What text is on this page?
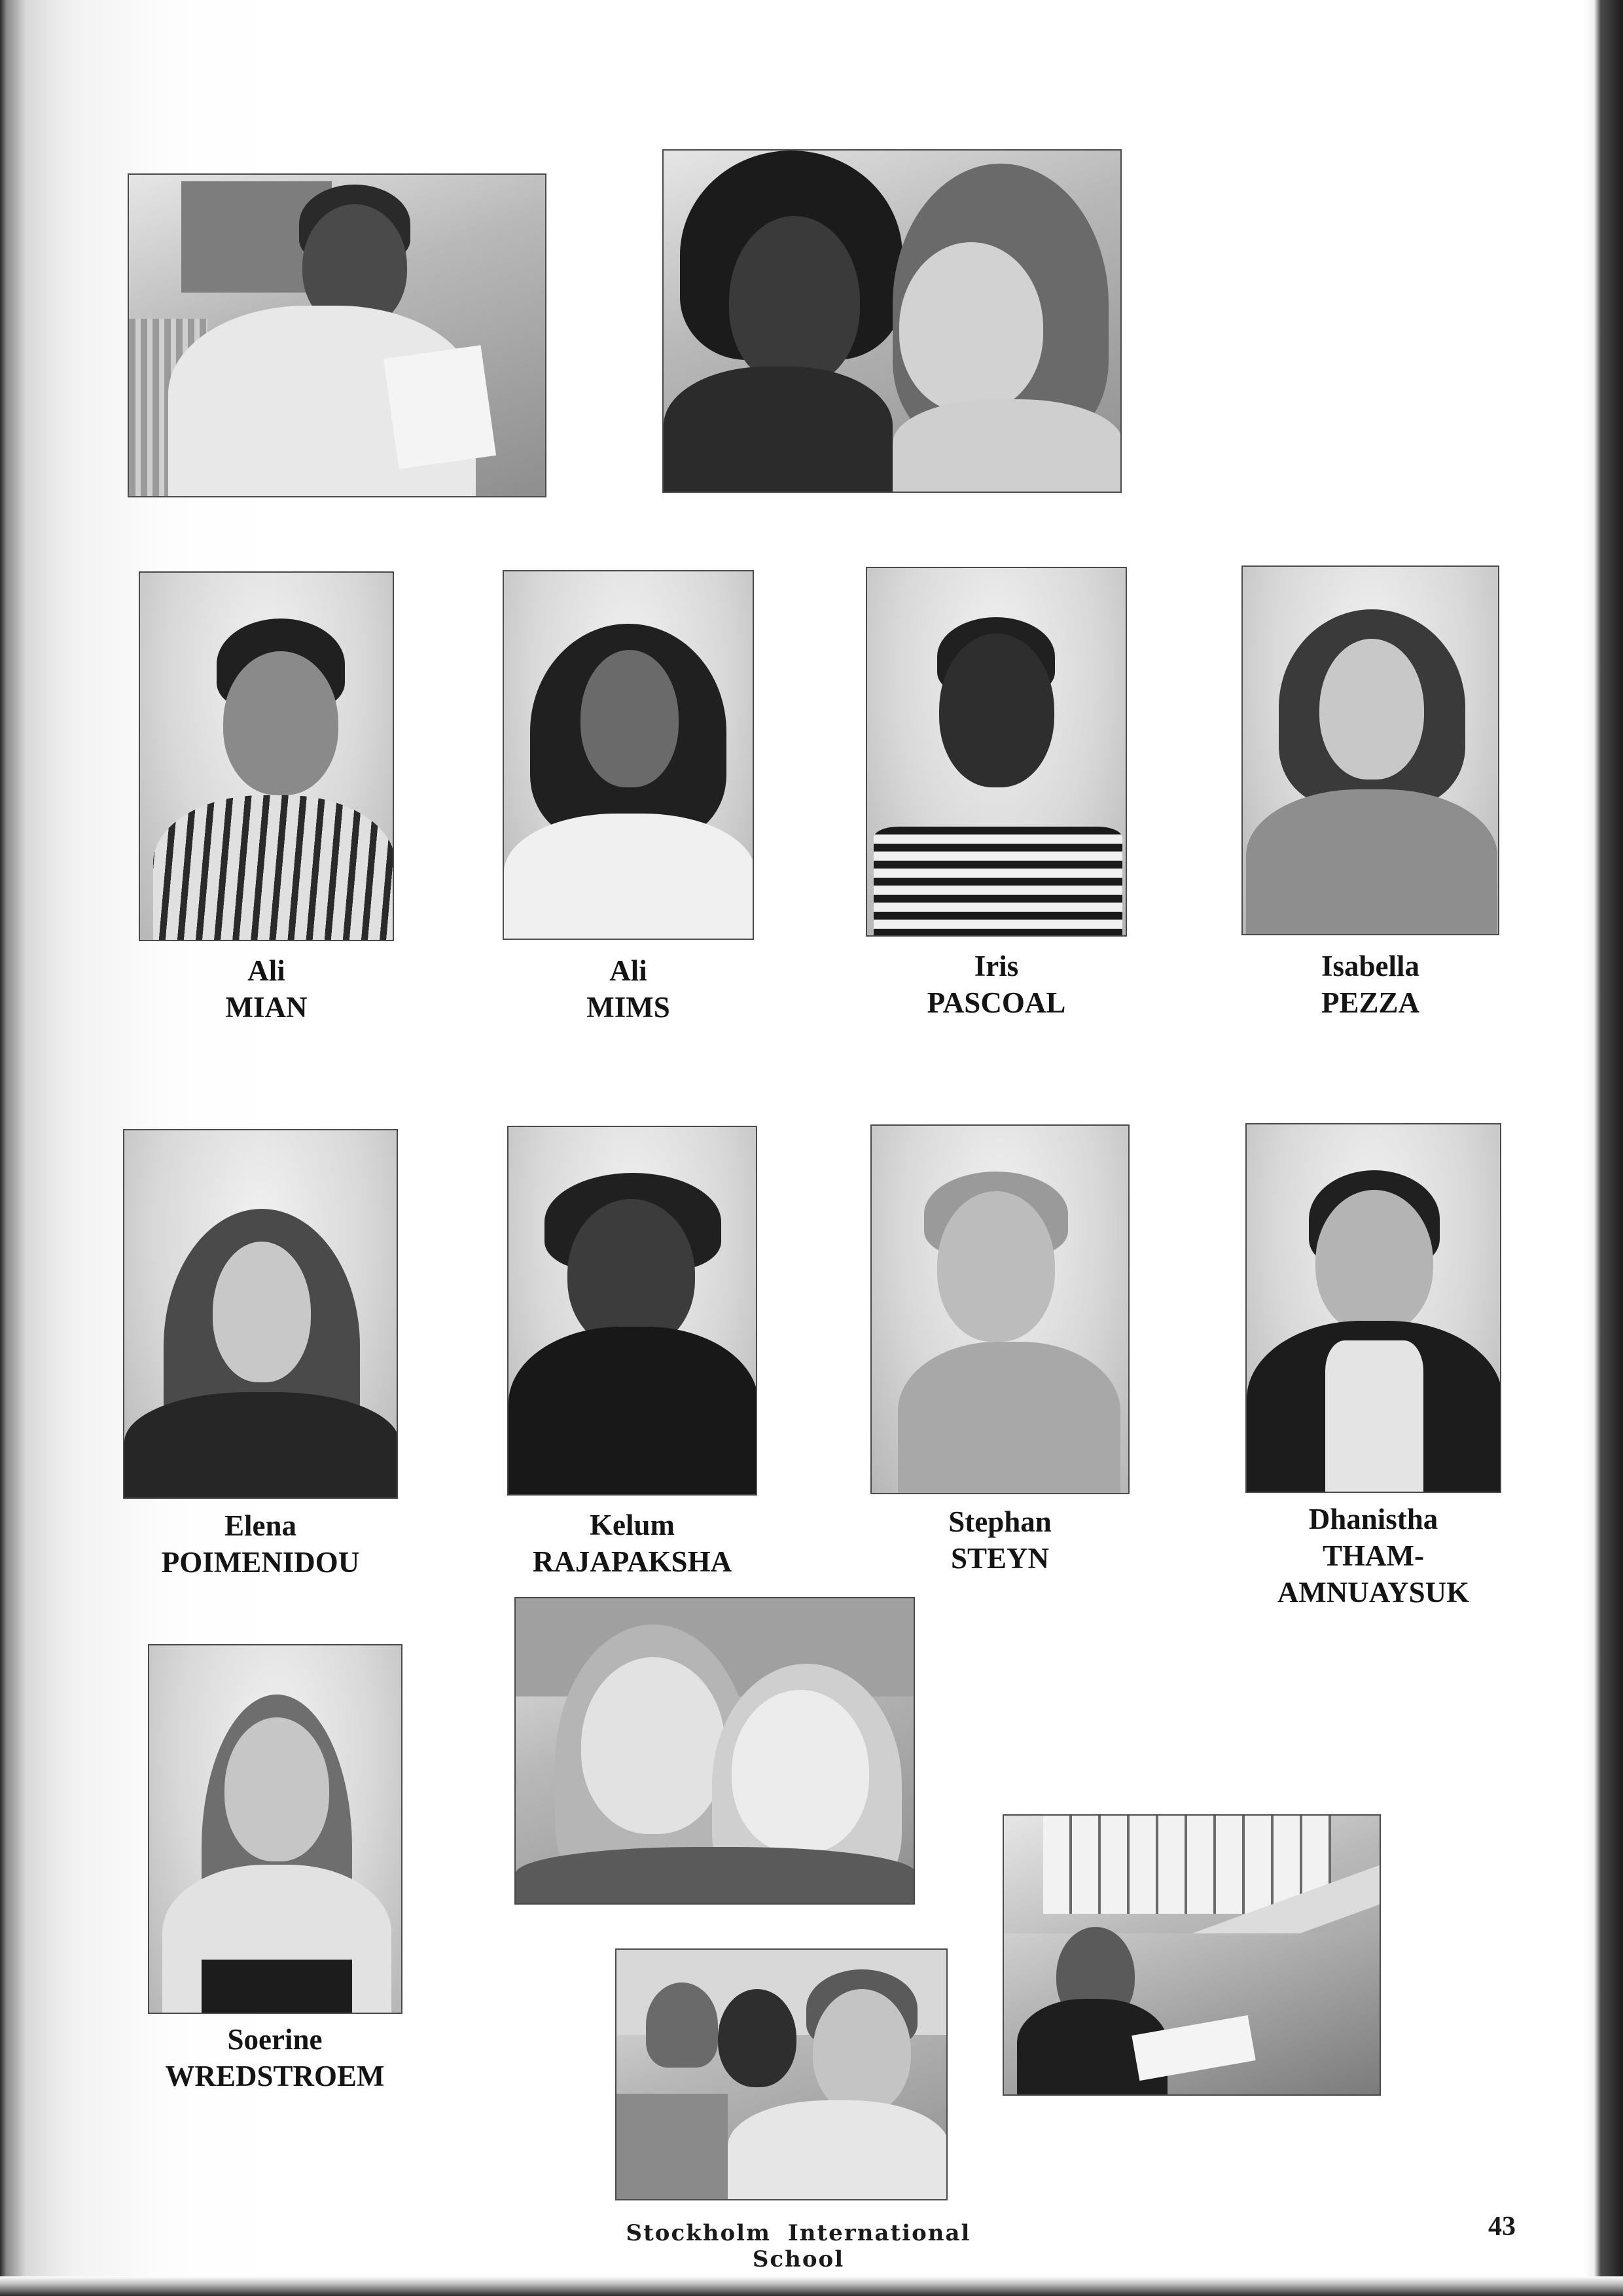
Ali
MIAN
Ali
MIMS
Iris
PASCOAL
Isabella
PEZZA
Elena
POIMENIDOU
Kelum
RAJAPAKSHA
Stephan
STEYN
Dhanistha
THAM-
AMNUAYSUK
Soerine
WREDSTROEM
Stockholm International School
43
